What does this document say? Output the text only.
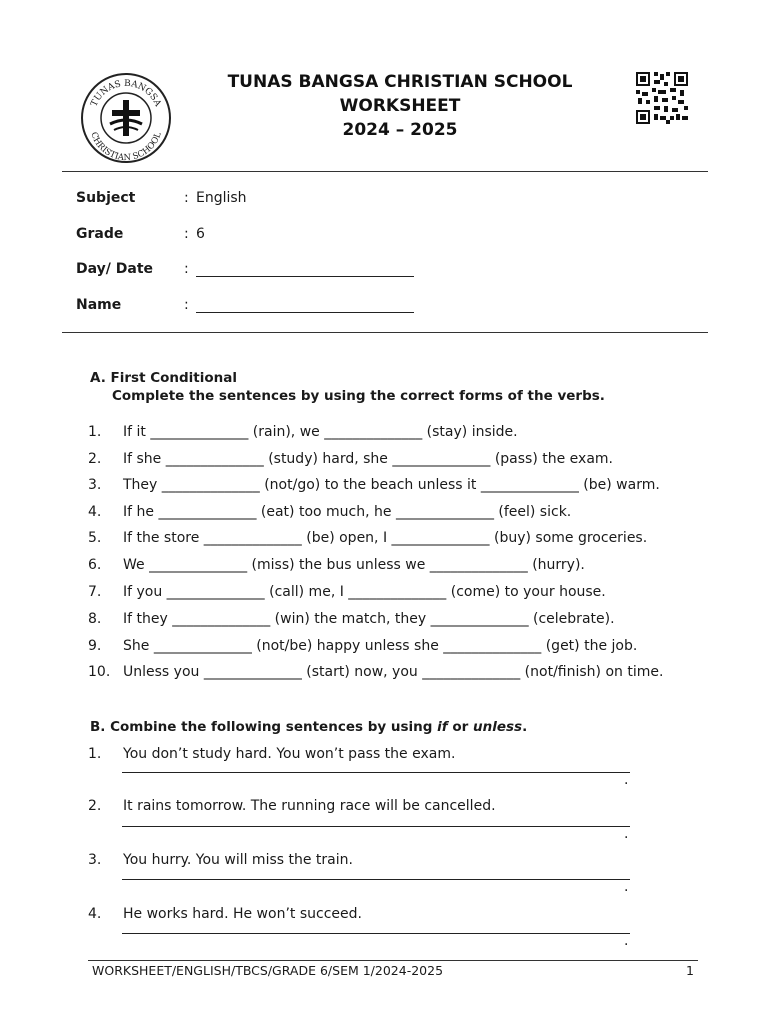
TUNAS BANGSA
CHRISTIAN SCHOOL
TUNAS BANGSA CHRISTIAN SCHOOL
WORKSHEET
2024 – 2025
Subject	: English
Grade	: 6
Day/ Date :
Name	:
A. First Conditional
Complete the sentences by using the correct forms of the verbs.
1. If it ______________ (rain), we ______________ (stay) inside.
2. If she ______________ (study) hard, she ______________ (pass) the exam.
3. They ______________ (not/go) to the beach unless it ______________ (be) warm.
4. If he ______________ (eat) too much, he ______________ (feel) sick.
5. If the store ______________ (be) open, I ______________ (buy) some groceries.
6. We ______________ (miss) the bus unless we ______________ (hurry).
7. If you ______________ (call) me, I ______________ (come) to your house.
8. If they ______________ (win) the match, they ______________ (celebrate).
9. She ______________ (not/be) happy unless she ______________ (get) the job.
10. Unless you ______________ (start) now, you ______________ (not/finish) on time.
B. Combine the following sentences by using if or unless.
1. You don’t study hard. You won’t pass the exam.
.
2. It rains tomorrow. The running race will be cancelled.
.
3. You hurry. You will miss the train.
.
4. He works hard. He won’t succeed.
.
WORKSHEET/ENGLISH/TBCS/GRADE 6/SEM 1/2024-2025	1
